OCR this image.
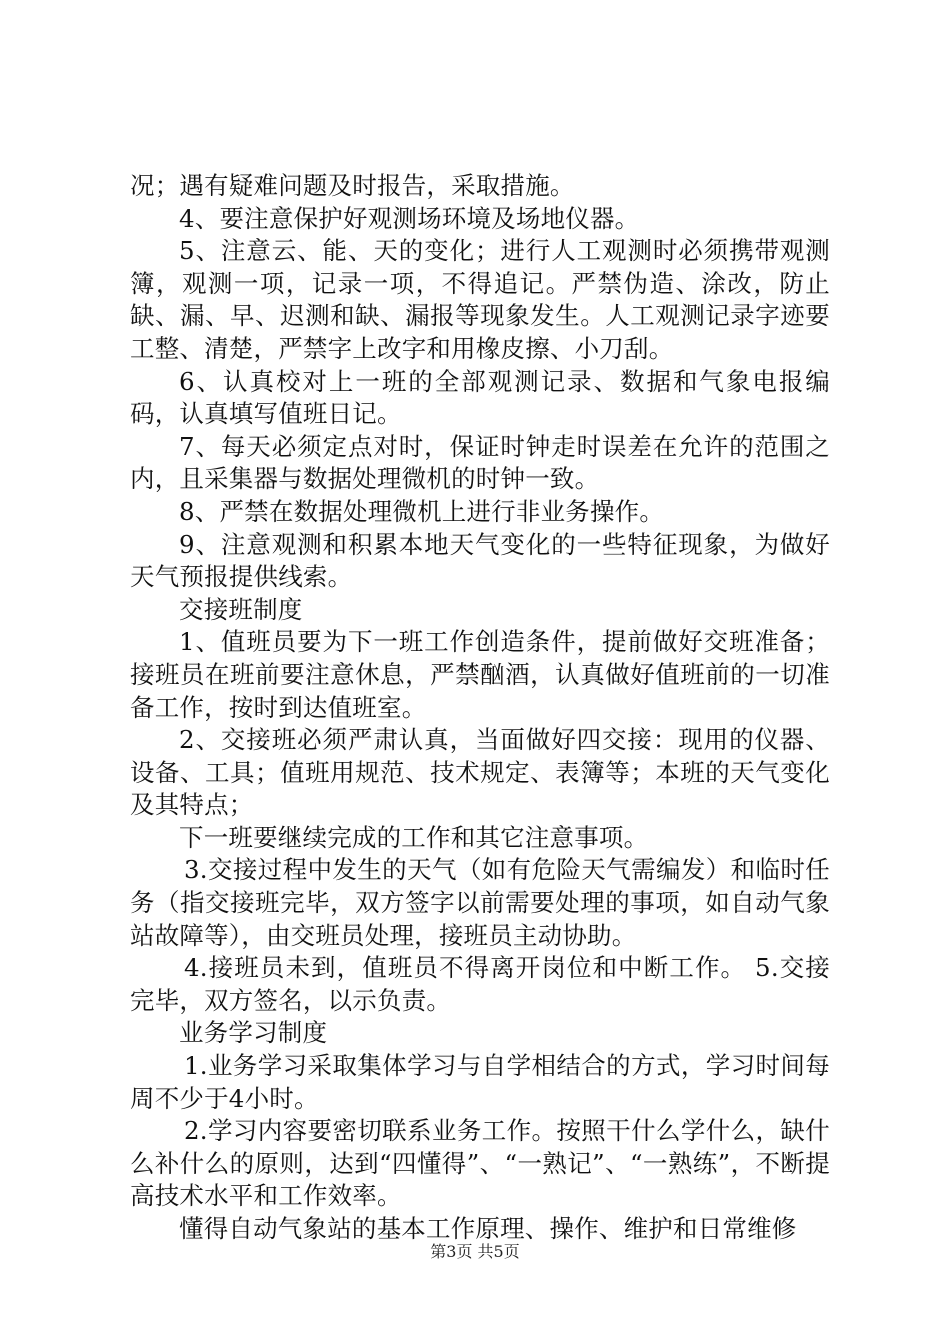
况；遇有疑难问题及时报告，采取措施。

4、要注意保护好观测场环境及场地仪器。

5、注意云、能、天的变化；进行人工观测时必须携带观测簿，观测一项，记录一项，不得追记。严禁伪造、涂改，防止缺、漏、早、迟测和缺、漏报等现象发生。人工观测记录字迹要工整、清楚，严禁字上改字和用橡皮擦、小刀刮。

6、认真校对上一班的全部观测记录、数据和气象电报编码，认真填写值班日记。

7、每天必须定点对时，保证时钟走时误差在允许的范围之内，且采集器与数据处理微机的时钟一致。

8、严禁在数据处理微机上进行非业务操作。

9、注意观测和积累本地天气变化的一些特征现象，为做好天气预报提供线索。

交接班制度

1、值班员要为下一班工作创造条件，提前做好交班准备；接班员在班前要注意休息，严禁酗酒，认真做好值班前的一切准备工作，按时到达值班室。

2、交接班必须严肃认真，当面做好四交接：现用的仪器、设备、工具；值班用规范、技术规定、表簿等；本班的天气变化及其特点；

下一班要继续完成的工作和其它注意事项。

3.交接过程中发生的天气（如有危险天气需编发）和临时任务（指交接班完毕，双方签字以前需要处理的事项，如自动气象站故障等），由交班员处理，接班员主动协助。

4.接班员未到，值班员不得离开岗位和中断工作。 5.交接完毕，双方签名，以示负责。

业务学习制度

1.业务学习采取集体学习与自学相结合的方式，学习时间每周不少于4小时。

2.学习内容要密切联系业务工作。按照干什么学什么，缺什么补什么的原则，达到“四懂得”、“一熟记”、“一熟练”，不断提高技术水平和工作效率。

懂得自动气象站的基本工作原理、操作、维护和日常维修

第3页 共5页
